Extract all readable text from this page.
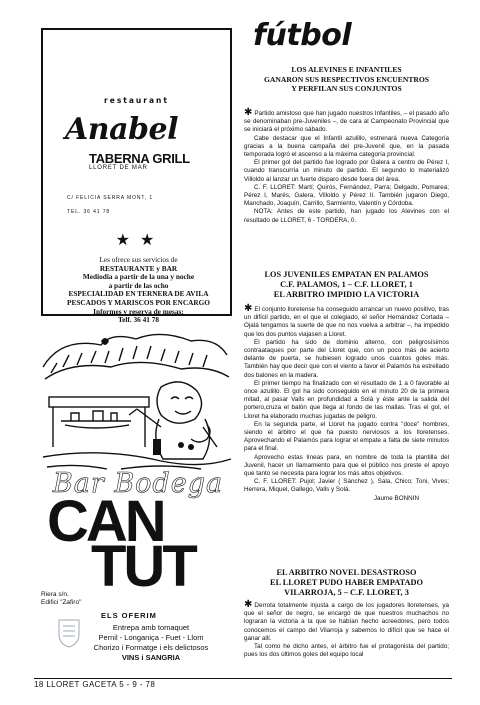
restaurant
Anabel
TABERNA GRILL
LLORET DE MAR
C/ FELICIA SERRA MONT, 1
TEL. 36 41 78
★ ★
Les ofrece sus servicios de
RESTAURANTE y BAR
Mediodia a partir de la una y noche
a partir de las ocho
ESPECIALIDAD EN TERNERA DE AVILA
PESCADOS Y MARISCOS POR ENCARGO
Informes y reserva de mesas:
Telf. 36 41 78
Bar Bodega
CAN
TUT
Riera s/n.
Edifici "Zafiro"
ELS OFERIM
Entrepa amb tomaquet
Pernil - Longaniça - Fuet - Llom
Chorizo i Formatge i els delictosos
VINS i SANGRIA
fútbol
LOS ALEVINES E INFANTILES
GANARON SUS RESPECTIVOS ENCUENTROS
Y PERFILAN SUS CONJUNTOS

✱ Partido amistoso que han jugado nuestros Infantiles, – el pasado año se denominaban pre-Juveniles –, de cara al Campeonato Provincial que se iniciará el próximo sábado.

Cabe destacar que el Infantil azulillo, estrenará nueva Categoría gracias a la buena campaña del pre-Juvenil que, en la pasada temporada logró el ascenso a la máxima categoría provincial.

El primer gol del partido fue logrado por Galera a centro de Pérez I, cuando transcurría un minuto de partido. El segundo lo materializó Villoldo al lanzar un fuerte disparo desde fuera del área.

C. F. LLORET: Martí; Quirós, Fernández, Parra; Delgado, Pomarea; Pérez I, Marés, Galera, Villoldo y Pérez II. También jugaron Diego, Manchado, Joaquín, Carrillo, Sarmiento, Valentín y Córdoba.

NOTA: Antes de este partido, han jugado los Alevines con el resultado de LLORET, 6 - TORDERA, 0.

LOS JUVENILES EMPATAN EN PALAMOS
C.F. PALAMOS, 1 – C.F. LLORET, 1
EL ARBITRO IMPIDIO LA VICTORIA

✱ El conjunto lloretense ha conseguido arrancar un nuevo positivo, tras un difícil partido, en el que el colegiado, el señor Hernández Cortada – Ojalá tengamos la suerte de que no nos vuelva a arbitrar –, ha impedido que los dos puntos viajasen a Lloret.

El partido ha sido de dominio alterno, con peligrosísimos contraataques por parte del Lloret que, con un poco más de acierto delante de puerta, se hubiesen logrado unos cuantos goles más. También hay que decir que con el viento a favor el Palamós ha estrellado dos balones en la madera.

El primer tiempo ha finalizado con el resultado de 1 a 0 favorable al once azulillo. El gol ha sido conseguido en el minuto 20 de la primera mitad, al pasar Valls en profundidad a Solá y éste ante la salida del portero,cruza el balón que llega al fondo de las mallas. Tras el gol, el Lloret ha elaborado muchas jugadas de peligro.

En la segunda parte, el Lloret ha jugado contra "doce" hombres, siendo el árbitro el que ha puesto nerviosos a los lloretenses. Aprovechando el Palamós para lograr el empate a falta de siete minutos para el final.

Aprovecho estas líneas para, en nombre de toda la plantilla del Juvenil, hacer un llamamiento para que el público nos preste el apoyo que tanto se necesita para lograr los más altos objetivos.

C. F. LLORET: Pujol; Javier ( Sánchez ), Sala, Chico; Toni, Vives; Herrera, Miquel, Gallego, Valls y Solá.

Jaume BONNIN
EL ARBITRO NOVEL DESASTROSO
EL LLORET PUDO HABER EMPATADO
VILARROJA, 5 – C.F. LLORET, 3

✱ Derrota totalmente injusta a cargo de los jugadores lloretenses, ya que el señor de negro, se encargó de que nuestros muchachos no lograran la victoria a la que se habían hecho acreedores, pero todos conocemos el campo del Vilarroja y sabemos lo difícil que se hace el ganar allí.

Tal como he dicho antes, el árbitro fue el protagonista del partido; pues los dos últimos goles del equipo local

18 LLORET GACETA 5 - 9 - 78
